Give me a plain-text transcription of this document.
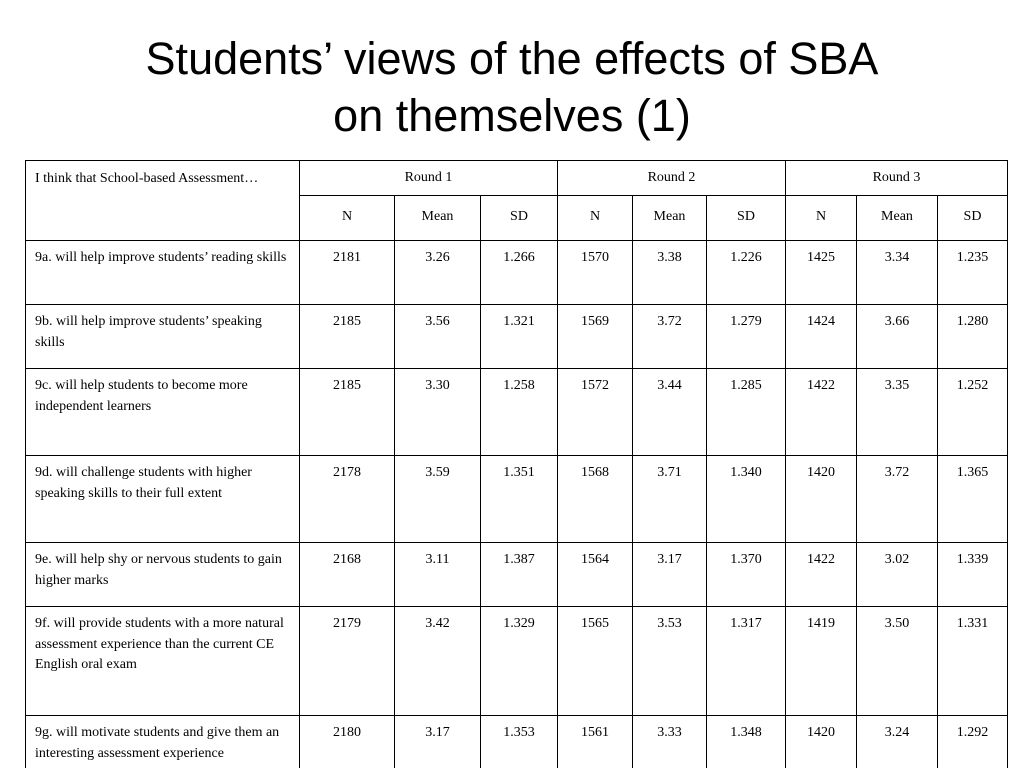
Students’ views of the effects of SBA
on themselves (1)
I think that School-based Assessment…	Round 1			Round 2			Round 3		
	N	Mean	SD	N	Mean	SD	N	Mean	SD
9a. will help improve students’ reading skills	2181	3.26	1.266	1570	3.38	1.226	1425	3.34	1.235
9b. will help improve students’ speaking skills	2185	3.56	1.321	1569	3.72	1.279	1424	3.66	1.280
9c. will help students to become more independent learners	2185	3.30	1.258	1572	3.44	1.285	1422	3.35	1.252
9d. will challenge students with higher speaking skills to their full extent	2178	3.59	1.351	1568	3.71	1.340	1420	3.72	1.365
9e. will help shy or nervous students to gain higher marks	2168	3.11	1.387	1564	3.17	1.370	1422	3.02	1.339
9f. will provide students with a more natural assessment experience than the current CE English oral exam	2179	3.42	1.329	1565	3.53	1.317	1419	3.50	1.331
9g. will motivate students and give them an interesting assessment experience	2180	3.17	1.353	1561	3.33	1.348	1420	3.24	1.292
